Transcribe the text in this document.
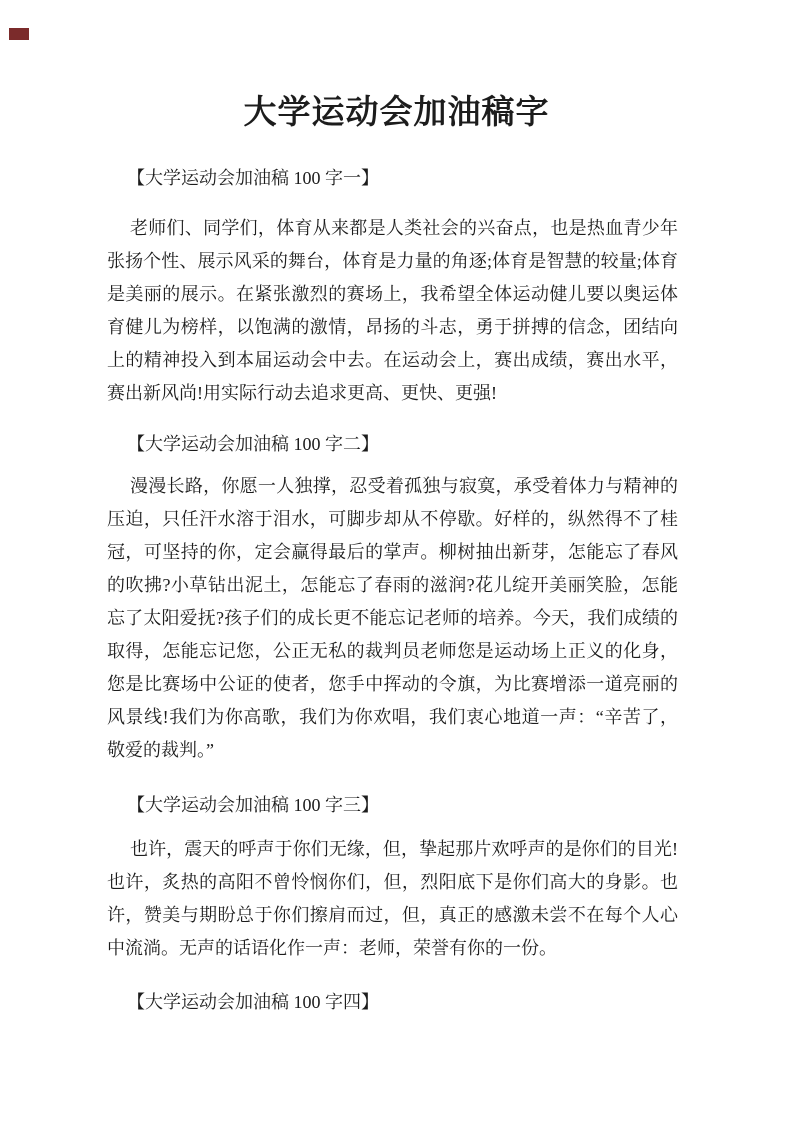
大学运动会加油稿字
【大学运动会加油稿 100 字一】
老师们、同学们，体育从来都是人类社会的兴奋点，也是热血青少年张扬个性、展示风采的舞台，体育是力量的角逐;体育是智慧的较量;体育是美丽的展示。在紧张激烈的赛场上，我希望全体运动健儿要以奥运体育健儿为榜样，以饱满的激情，昂扬的斗志，勇于拼搏的信念，团结向上的精神投入到本届运动会中去。在运动会上，赛出成绩，赛出水平，赛出新风尚!用实际行动去追求更高、更快、更强!
【大学运动会加油稿 100 字二】
漫漫长路，你愿一人独撑，忍受着孤独与寂寞，承受着体力与精神的压迫，只任汗水溶于泪水，可脚步却从不停歇。好样的，纵然得不了桂冠，可坚持的你，定会赢得最后的掌声。柳树抽出新芽，怎能忘了春风的吹拂?小草钻出泥土，怎能忘了春雨的滋润?花儿绽开美丽笑脸，怎能忘了太阳爱抚?孩子们的成长更不能忘记老师的培养。今天，我们成绩的取得，怎能忘记您，公正无私的裁判员老师您是运动场上正义的化身，您是比赛场中公证的使者，您手中挥动的令旗，为比赛增添一道亮丽的风景线!我们为你高歌，我们为你欢唱，我们衷心地道一声：“辛苦了，敬爱的裁判。”
【大学运动会加油稿 100 字三】
也许，震天的呼声于你们无缘，但，挚起那片欢呼声的是你们的目光!也许，炙热的高阳不曾怜悯你们，但，烈阳底下是你们高大的身影。也许，赞美与期盼总于你们擦肩而过，但，真正的感激未尝不在每个人心中流淌。无声的话语化作一声：老师，荣誉有你的一份。
【大学运动会加油稿 100 字四】
